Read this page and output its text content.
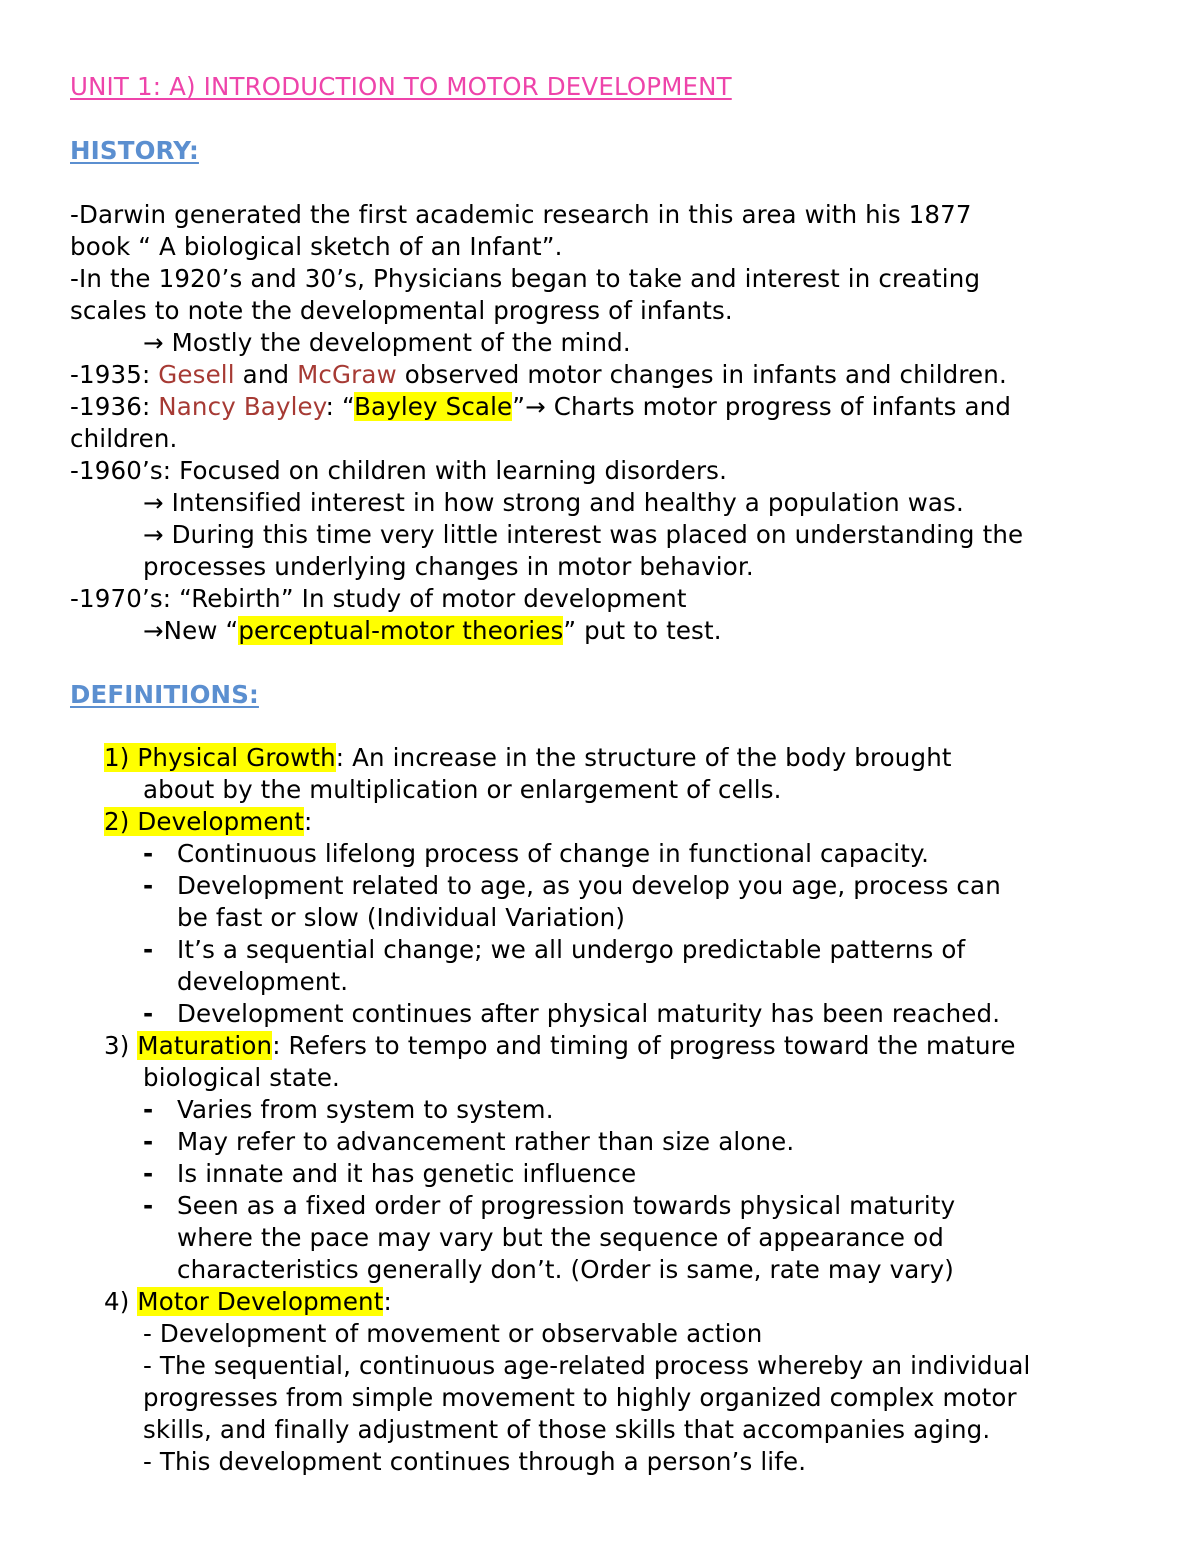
UNIT 1: A) INTRODUCTION TO MOTOR DEVELOPMENT
HISTORY:
-Darwin generated the first academic research in this area with his 1877
book “ A biological sketch of an Infant”.
-In the 1920’s and 30’s, Physicians began to take and interest in creating
scales to note the developmental progress of infants.
→ Mostly the development of the mind.
-1935: Gesell and McGraw observed motor changes in infants and children.
-1936: Nancy Bayley: “Bayley Scale”→ Charts motor progress of infants and
children.
-1960’s: Focused on children with learning disorders.
→ Intensified interest in how strong and healthy a population was.
→ During this time very little interest was placed on understanding the
processes underlying changes in motor behavior.
-1970’s: “Rebirth” In study of motor development
→New “perceptual-motor theories” put to test.
DEFINITIONS:
1) Physical Growth: An increase in the structure of the body brought
about by the multiplication or enlargement of cells.
2) Development:
- Continuous lifelong process of change in functional capacity.
- Development related to age, as you develop you age, process can
be fast or slow (Individual Variation)
- It’s a sequential change; we all undergo predictable patterns of
development.
- Development continues after physical maturity has been reached.
3) Maturation: Refers to tempo and timing of progress toward the mature
biological state.
- Varies from system to system.
- May refer to advancement rather than size alone.
- Is innate and it has genetic influence
- Seen as a fixed order of progression towards physical maturity
where the pace may vary but the sequence of appearance od
characteristics generally don’t. (Order is same, rate may vary)
4) Motor Development:
- Development of movement or observable action
- The sequential, continuous age-related process whereby an individual
progresses from simple movement to highly organized complex motor
skills, and finally adjustment of those skills that accompanies aging.
- This development continues through a person’s life.
